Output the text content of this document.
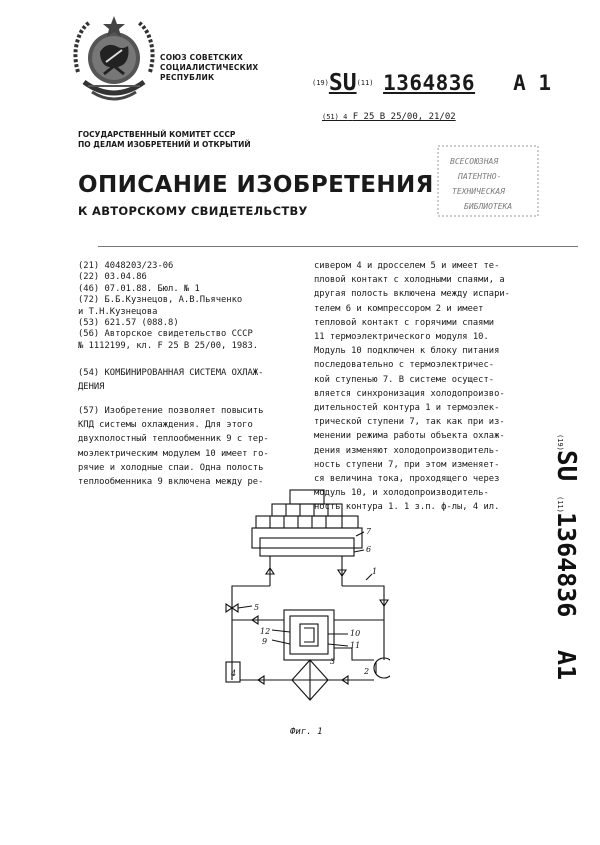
СОЮЗ СОВЕТСКИХ
СОЦИАЛИСТИЧЕСКИХ
РЕСПУБЛИК
(19)SU(11) 1364836 A 1
(51) 4 F 25 B 25/00, 21/02
ГОСУДАРСТВЕННЫЙ КОМИТЕТ СССР
ПО ДЕЛАМ ИЗОБРЕТЕНИЙ И ОТКРЫТИЙ
ОПИСАНИЕ ИЗОБРЕТЕНИЯ
К АВТОРСКОМУ СВИДЕТЕЛЬСТВУ
ВСЕСОЮЗНАЯ
ПАТЕНТНО-
ТЕХНИЧЕСКАЯ
БИБЛИОТЕКА
(21) 4048203/23-06
(22) 03.04.86
(46) 07.01.88. Бюл. № 1
(72) Б.Б.Кузнецов, А.В.Пьяченко
и Т.Н.Кузнецова
(53) 621.57 (088.8)
(56) Авторское свидетельство СССР
№ 1112199, кл. F 25 B 25/00, 1983.
(54) КОМБИНИРОВАННАЯ СИСТЕМА ОХЛАЖ-
ДЕНИЯ
(57) Изобретение позволяет повысить
КПД системы охлаждения. Для этого
двухполостный теплообменник 9 с тер-
моэлектрическим модулем 10 имеет го-
рячие и холодные спаи. Одна полость
теплообменника 9 включена между ре-
сивером 4 и дросселем 5 и имеет те-
пловой контакт с холодными спаями, а
другая полость включена между испари-
телем 6 и компрессором 2 и имеет
тепловой контакт с горячими спаями
11 термоэлектрического модуля 10.
Модуль 10 подключен к блоку питания
последовательно с термоэлектричес-
кой ступенью 7. В системе осущест-
вляется синхронизация холодопроизво-
дительностей контура 1 и термоэлек-
трической ступени 7, так как при из-
менении режима работы объекта охлаж-
дения изменяют холодопроизводитель-
ность ступени 7, при этом изменяет-
ся величина тока, проходящего через
модуль 10, и холодопроизводитель-
ность контура 1. 1 з.п. ф-лы, 4 ил.
(19)
SU
(11)
1364836
A1
7
6
1
5
12
9
10
11
4
3
2
Фиг. 1
